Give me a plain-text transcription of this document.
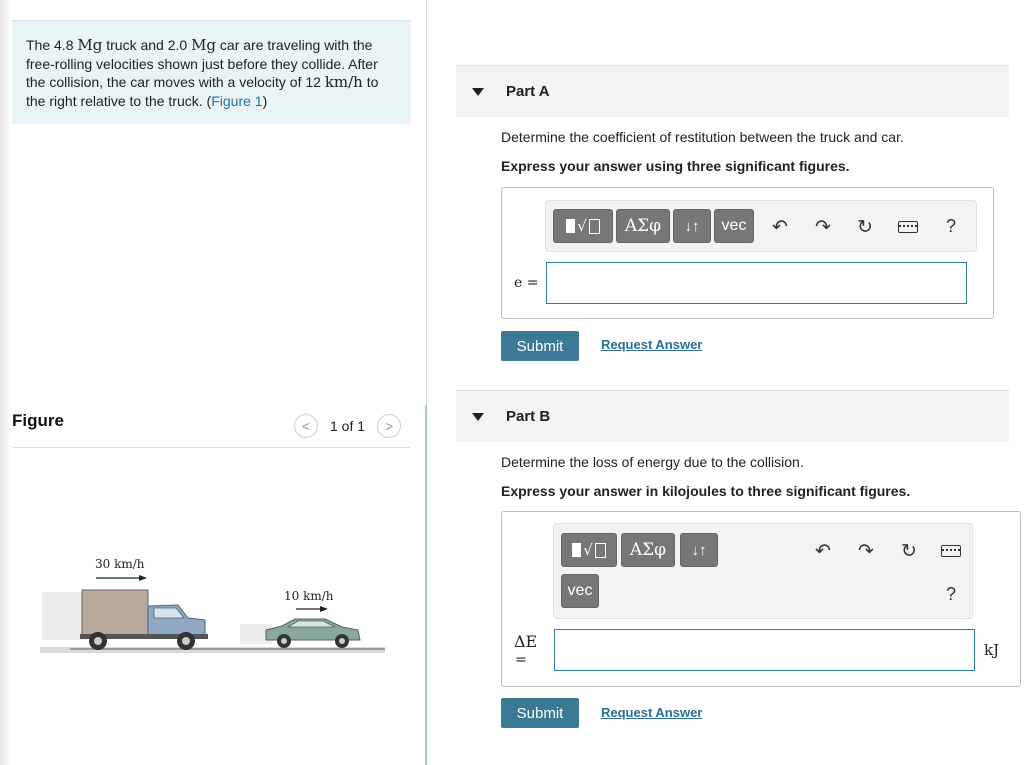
The 4.8 Mg truck and 2.0 Mg car are traveling with the free-rolling velocities shown just before they collide. After the collision, the car moves with a velocity of 12 km/h to the right relative to the truck. (Figure 1)
Figure	< 1 of 1 >
30 km/h
10 km/h
Part A
Determine the coefficient of restitution between the truck and car.
Express your answer using three significant figures.
√	ΑΣφ	↓↑	vec	↶ ↷ ↻	?
e =
Submit	Request Answer
Part B
Determine the loss of energy due to the collision.
Express your answer in kilojoules to three significant figures.
√	ΑΣφ	↓↑
vec
↶ ↷ ↻
?
ΔE
=
kJ
Submit	Request Answer
